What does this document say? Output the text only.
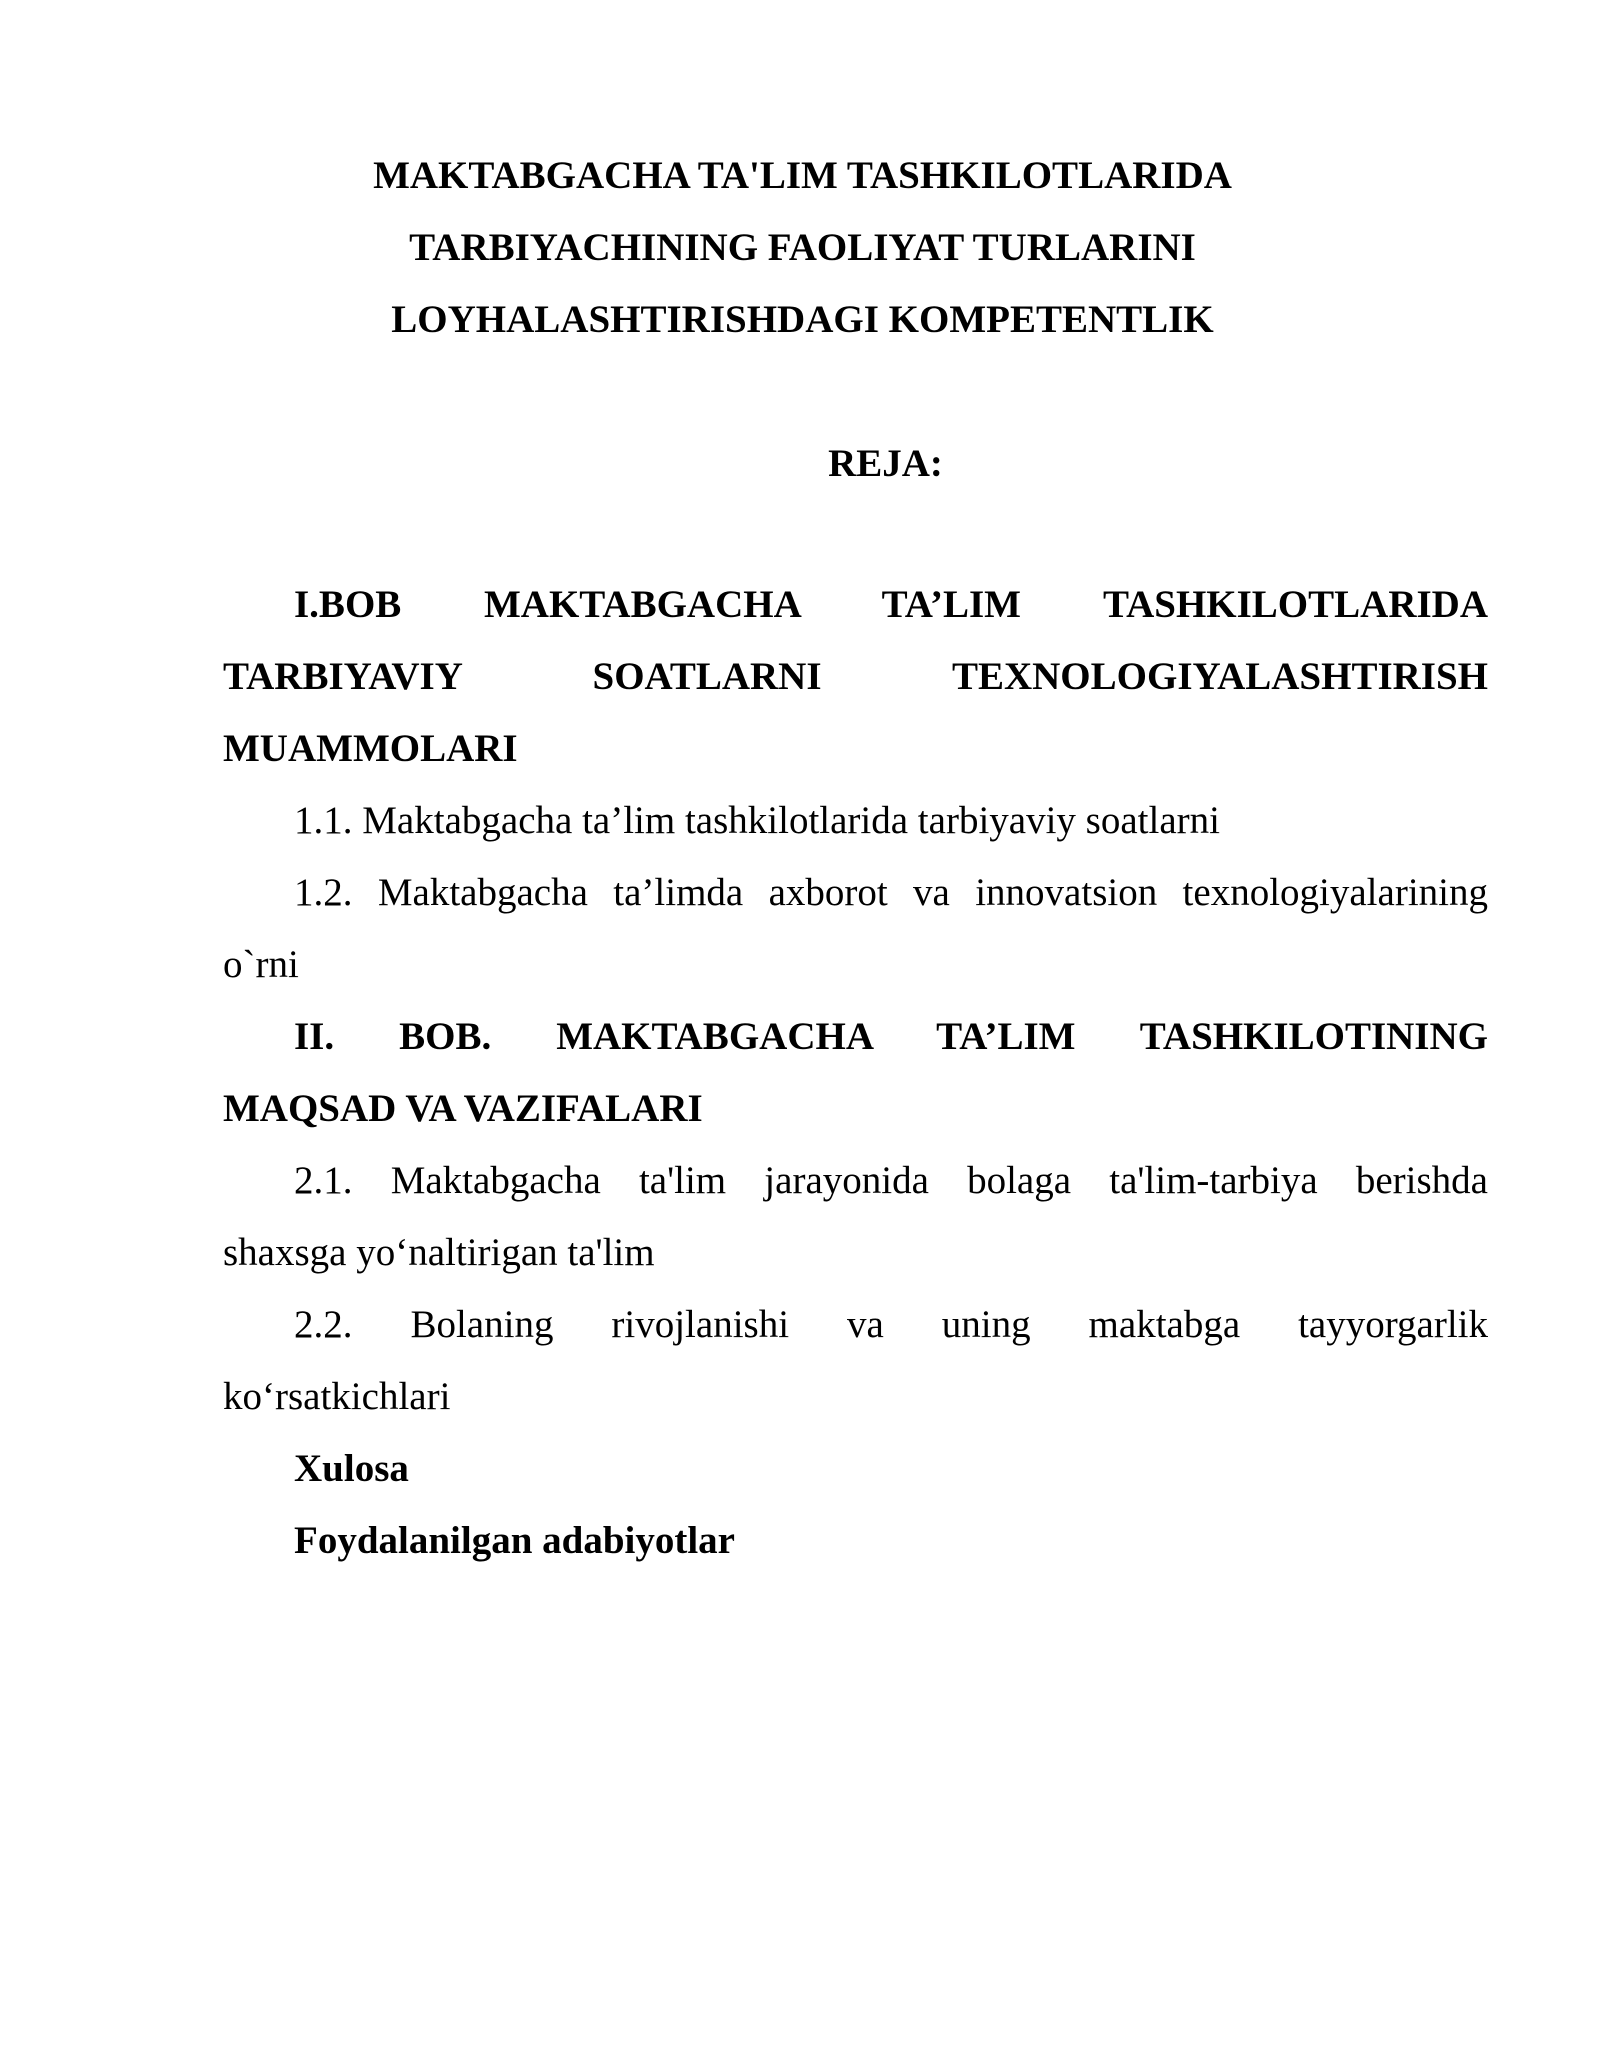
MAKTABGACHA TA'LIM TASHKILOTLARIDA
TARBIYACHINING FAOLIYAT TURLARINI
LOYHALASHTIRISHDAGI KOMPETENTLIK
REJA:
I.BOB MAKTABGACHA TA’LIM TASHKILOTLARIDA
TARBIYAVIY SOATLARNI TEXNOLOGIYALASHTIRISH
MUAMMOLARI
1.1. Maktabgacha ta’lim tashkilotlarida tarbiyaviy soatlarni
1.2. Maktabgacha ta’limda axborot va innovatsion texnologiyalarining
o`rni
II. BOB. MAKTABGACHA TA’LIM TASHKILOTINING
MAQSAD VA VAZIFALARI
2.1. Maktabgacha ta'lim jarayonida bolaga ta'lim-tarbiya berishda
shaxsga yo‘naltirigan ta'lim
2.2. Bolaning rivojlanishi va uning maktabga tayyorgarlik
ko‘rsatkichlari
Xulosa
Foydalanilgan adabiyotlar
